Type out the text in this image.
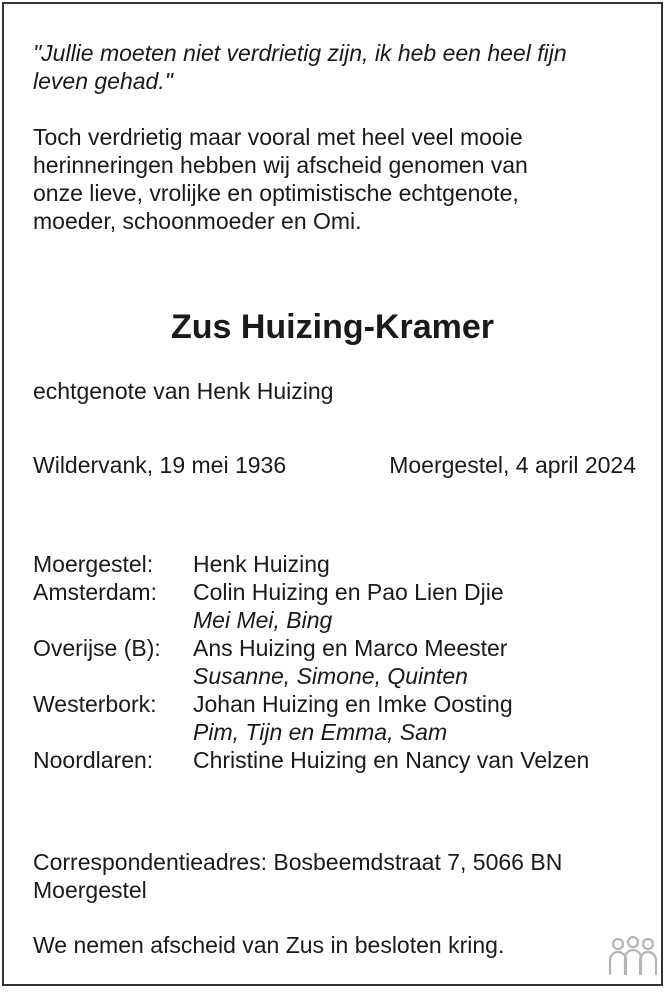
"Jullie moeten niet verdrietig zijn, ik heb een heel fijn
leven gehad."
Toch verdrietig maar vooral met heel veel mooie
herinneringen hebben wij afscheid genomen van
onze lieve, vrolijke en optimistische echtgenote,
moeder, schoonmoeder en Omi.
Zus Huizing-Kramer
echtgenote van Henk Huizing
Wildervank, 19 mei 1936	Moergestel, 4 april 2024
Moergestel:	Henk Huizing
Amsterdam:	Colin Huizing en Pao Lien Djie
Mei Mei, Bing
Overijse (B):	Ans Huizing en Marco Meester
Susanne, Simone, Quinten
Westerbork:	Johan Huizing en Imke Oosting
Pim, Tijn en Emma, Sam
Noordlaren:	Christine Huizing en Nancy van Velzen
Correspondentieadres: Bosbeemdstraat 7, 5066 BN
Moergestel
We nemen afscheid van Zus in besloten kring.
